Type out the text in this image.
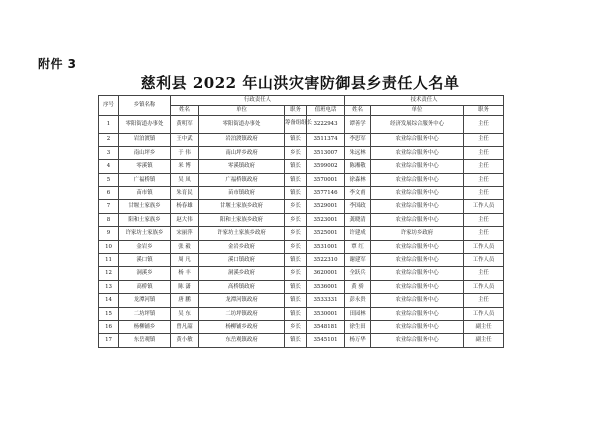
附件 3
慈利县 2022 年山洪灾害防御县乡责任人名单
序号	乡镇名称	行政责任人				技术责任人		
		姓名	单位	职务	值班电话	姓名	单位	职务
1	零阳街道办事处	黄明军	零阳街道办事处	筹备组组长	3222943	谭善学	经济发展综合服务中心	主任
2	岩泊渡镇	王中武	岩泊渡镇政府	镇长	3511374	李思军	农业综合服务中心	主任
3	南山坪乡	于 伟	南山坪乡政府	乡长	3513007	朱远林	农业综合服务中心	主任
4	零溪镇	米 博	零溪镇政府	镇长	3599002	陈湘敬	农业综合服务中心	主任
5	广福桥镇	吴 凤	广福桥镇政府	镇长	3570001	徐森林	农业综合服务中心	主任
6	苗市镇	朱育民	苗市镇政府	镇长	3577146	李文甫	农业综合服务中心	主任
7	甘堰土家族乡	杨春雄	甘堰土家族乡政府	乡长	3529001	李国政	农业综合服务中心	工作人员
8	阳和土家族乡	赵大伟	阳和土家族乡政府	乡长	3523001	龚晓清	农业综合服务中心	主任
9	许家坊土家族乡	宋丽萍	许家坊土家族乡政府	乡长	3525001	许建成	许家坊乡政府	主任
10	金岩乡	张 毅	金岩乡政府	乡长	3531001	覃 红	农业综合服务中心	工作人员
11	溪口镇	周 凡	溪口镇政府	镇长	3522310	谢建军	农业综合服务中心	工作人员
12	洞溪乡	杨 丰	洞溪乡政府	乡长	3620001	全跃兵	农业综合服务中心	主任
13	高桥镇	陈 潇	高桥镇政府	镇长	3536001	黄 骄	农业综合服务中心	工作人员
14	龙潭河镇	唐 鹏	龙潭河镇政府	镇长	3533331	彭永贵	农业综合服务中心	主任
15	二坊坪镇	吴 东	二坊坪镇政府	镇长	3530001	田园林	农业综合服务中心	工作人员
16	杨柳铺乡	曾凡韶	杨柳铺乡政府	乡长	3548181	徐生田	农业综合服务中心	副主任
17	东岳观镇	黄小敏	东岳观镇政府	镇长	3545101	杨万华	农业综合服务中心	副主任
